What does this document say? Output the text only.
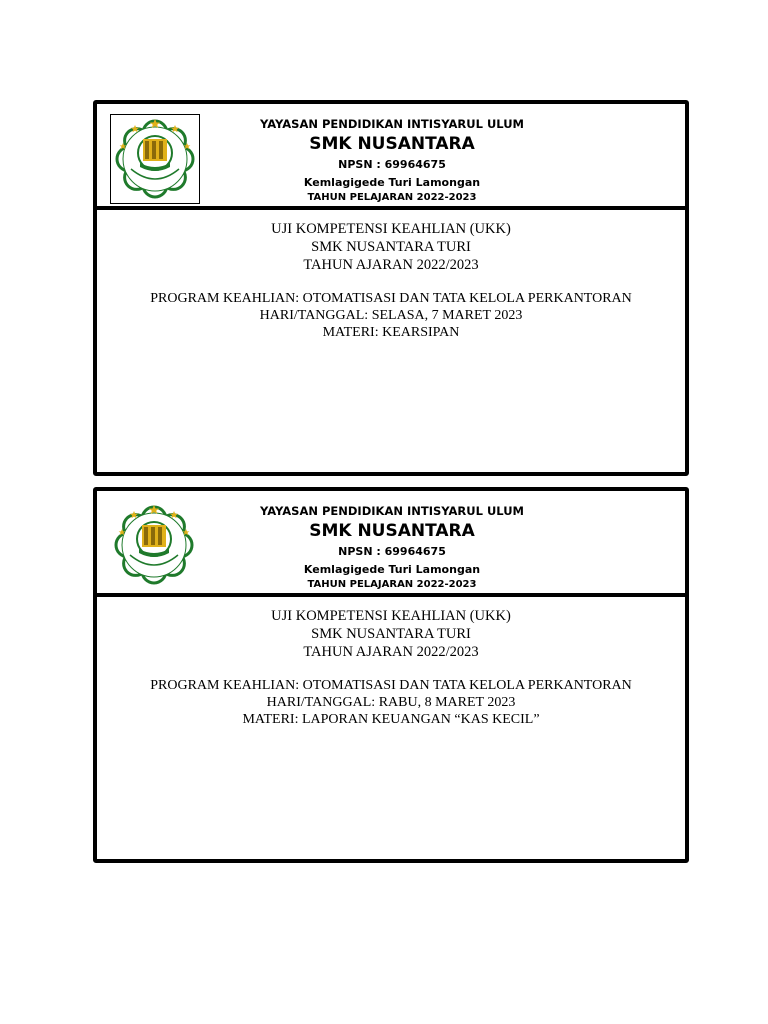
YAYASAN PENDIDIKAN INTISYARUL ULUM
SMK NUSANTARA
NPSN : 69964675
Kemlagigede Turi Lamongan
TAHUN PELAJARAN 2022-2023
UJI KOMPETENSI KEAHLIAN (UKK)
SMK NUSANTARA TURI
TAHUN AJARAN 2022/2023
PROGRAM KEAHLIAN: OTOMATISASI DAN TATA KELOLA PERKANTORAN
HARI/TANGGAL: SELASA, 7 MARET 2023
MATERI: KEARSIPAN
YAYASAN PENDIDIKAN INTISYARUL ULUM
SMK NUSANTARA
NPSN : 69964675
Kemlagigede Turi Lamongan
TAHUN PELAJARAN 2022-2023
UJI KOMPETENSI KEAHLIAN (UKK)
SMK NUSANTARA TURI
TAHUN AJARAN 2022/2023
PROGRAM KEAHLIAN: OTOMATISASI DAN TATA KELOLA PERKANTORAN
HARI/TANGGAL: RABU, 8 MARET 2023
MATERI: LAPORAN KEUANGAN “KAS KECIL”
